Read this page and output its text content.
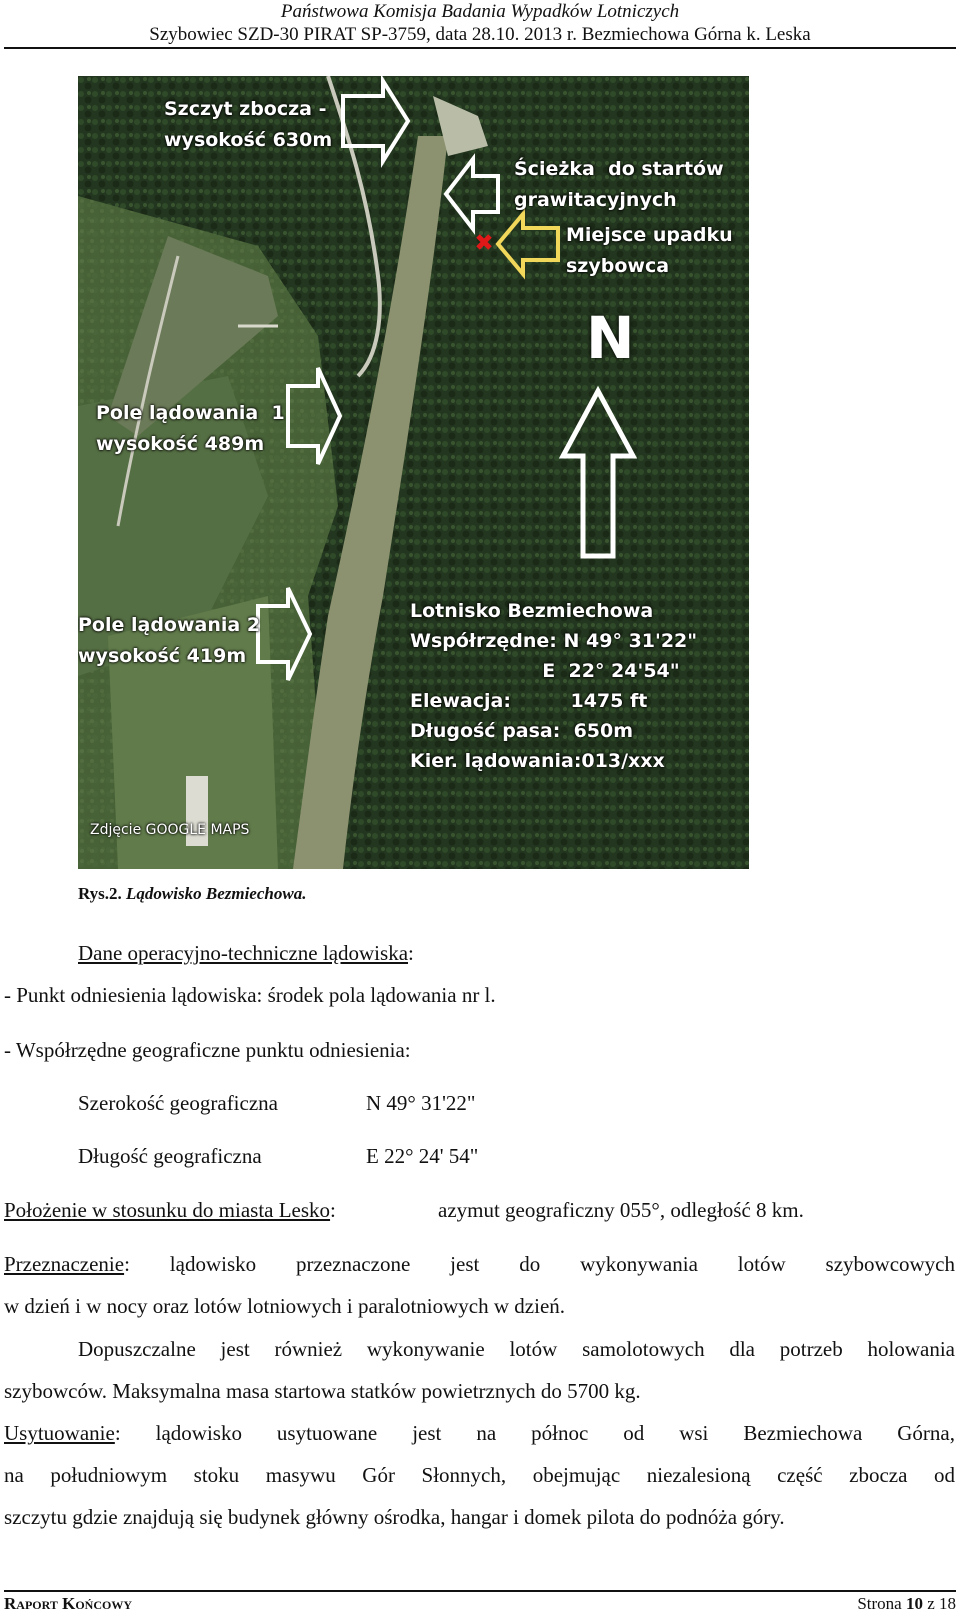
Państwowa Komisja Badania Wypadków Lotniczych
Szybowiec SZD-30 PIRAT SP-3759, data 28.10. 2013 r. Bezmiechowa Górna k. Leska
Szczyt zbocza -
wysokość 630m
Ścieżka  do startów
grawitacyjnych
Miejsce upadku
szybowca
N
Pole lądowania  1
wysokość 489m
Pole lądowania 2
wysokość 419m
Lotnisko Bezmiechowa
Współrzędne: N 49° 31'22"
E  22° 24'54"
Elewacja:         1475 ft
Długość pasa:  650m
Kier. lądowania:013/xxx
Zdjęcie GOOGLE MAPS
Rys.2. Lądowisko Bezmiechowa.
Dane operacyjno-techniczne lądowiska:
- Punkt odniesienia lądowiska: środek pola lądowania nr l.
- Współrzędne geograficzne punktu odniesienia:
Szerokość geograficzna	N 49° 31'22"
Długość geograficzna	E 22° 24' 54"
Położenie w stosunku do miasta Lesko:	azymut geograficzny 055°, odległość 8 km.
Przeznaczenie: lądowisko przeznaczone jest do wykonywania lotów szybowcowych
w dzień i w nocy oraz lotów lotniowych i paralotniowych w dzień.
Dopuszczalne jest również wykonywanie lotów samolotowych dla potrzeb holowania
szybowców. Maksymalna masa startowa statków powietrznych do 5700 kg.
Usytuowanie: lądowisko usytuowane jest na północ od wsi Bezmiechowa Górna,
na południowym stoku masywu Gór Słonnych, obejmując niezalesioną część zbocza od
szczytu gdzie znajdują się budynek główny ośrodka, hangar i domek pilota do podnóża góry.
Raport Końcowy	Strona 10 z 18
